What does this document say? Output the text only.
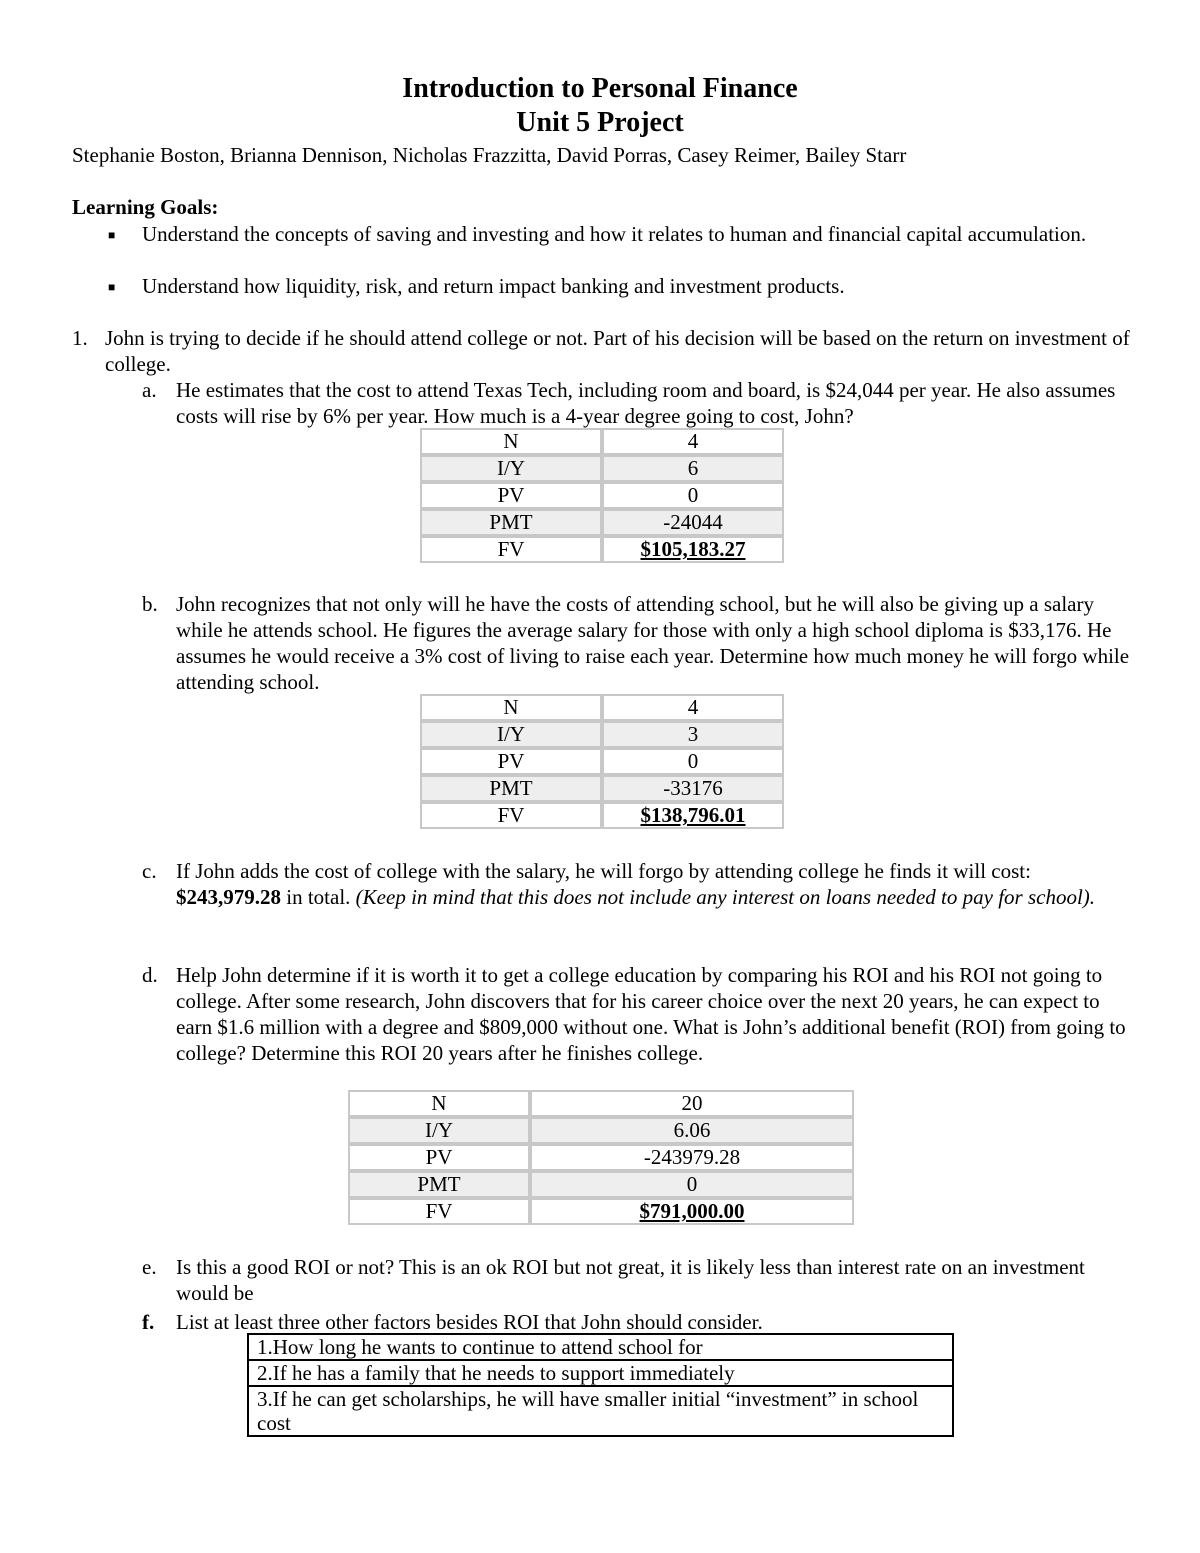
Introduction to Personal Finance
Unit 5 Project
Stephanie Boston, Brianna Dennison, Nicholas Frazzitta, David Porras, Casey Reimer, Bailey Starr
Learning Goals:
■ Understand the concepts of saving and investing and how it relates to human and financial capital accumulation.
■ Understand how liquidity, risk, and return impact banking and investment products.
1. John is trying to decide if he should attend college or not. Part of his decision will be based on the return on investment of college.
a. He estimates that the cost to attend Texas Tech, including room and board, is $24,044 per year. He also assumes costs will rise by 6% per year. How much is a 4-year degree going to cost, John?
N	4
I/Y	6
PV	0
PMT	-24044
FV	$105,183.27
b. John recognizes that not only will he have the costs of attending school, but he will also be giving up a salary while he attends school. He figures the average salary for those with only a high school diploma is $33,176. He assumes he would receive a 3% cost of living to raise each year. Determine how much money he will forgo while attending school.
N	4
I/Y	3
PV	0
PMT	-33176
FV	$138,796.01
c. If John adds the cost of college with the salary, he will forgo by attending college he finds it will cost: $243,979.28 in total. (Keep in mind that this does not include any interest on loans needed to pay for school).
d. Help John determine if it is worth it to get a college education by comparing his ROI and his ROI not going to college. After some research, John discovers that for his career choice over the next 20 years, he can expect to earn $1.6 million with a degree and $809,000 without one. What is John’s additional benefit (ROI) from going to college? Determine this ROI 20 years after he finishes college.
N	20
I/Y	6.06
PV	-243979.28
PMT	0
FV	$791,000.00
e. Is this a good ROI or not? This is an ok ROI but not great, it is likely less than interest rate on an investment would be
f. List at least three other factors besides ROI that John should consider.
1.How long he wants to continue to attend school for
2.If he has a family that he needs to support immediately
3.If he can get scholarships, he will have smaller initial “investment” in school cost
